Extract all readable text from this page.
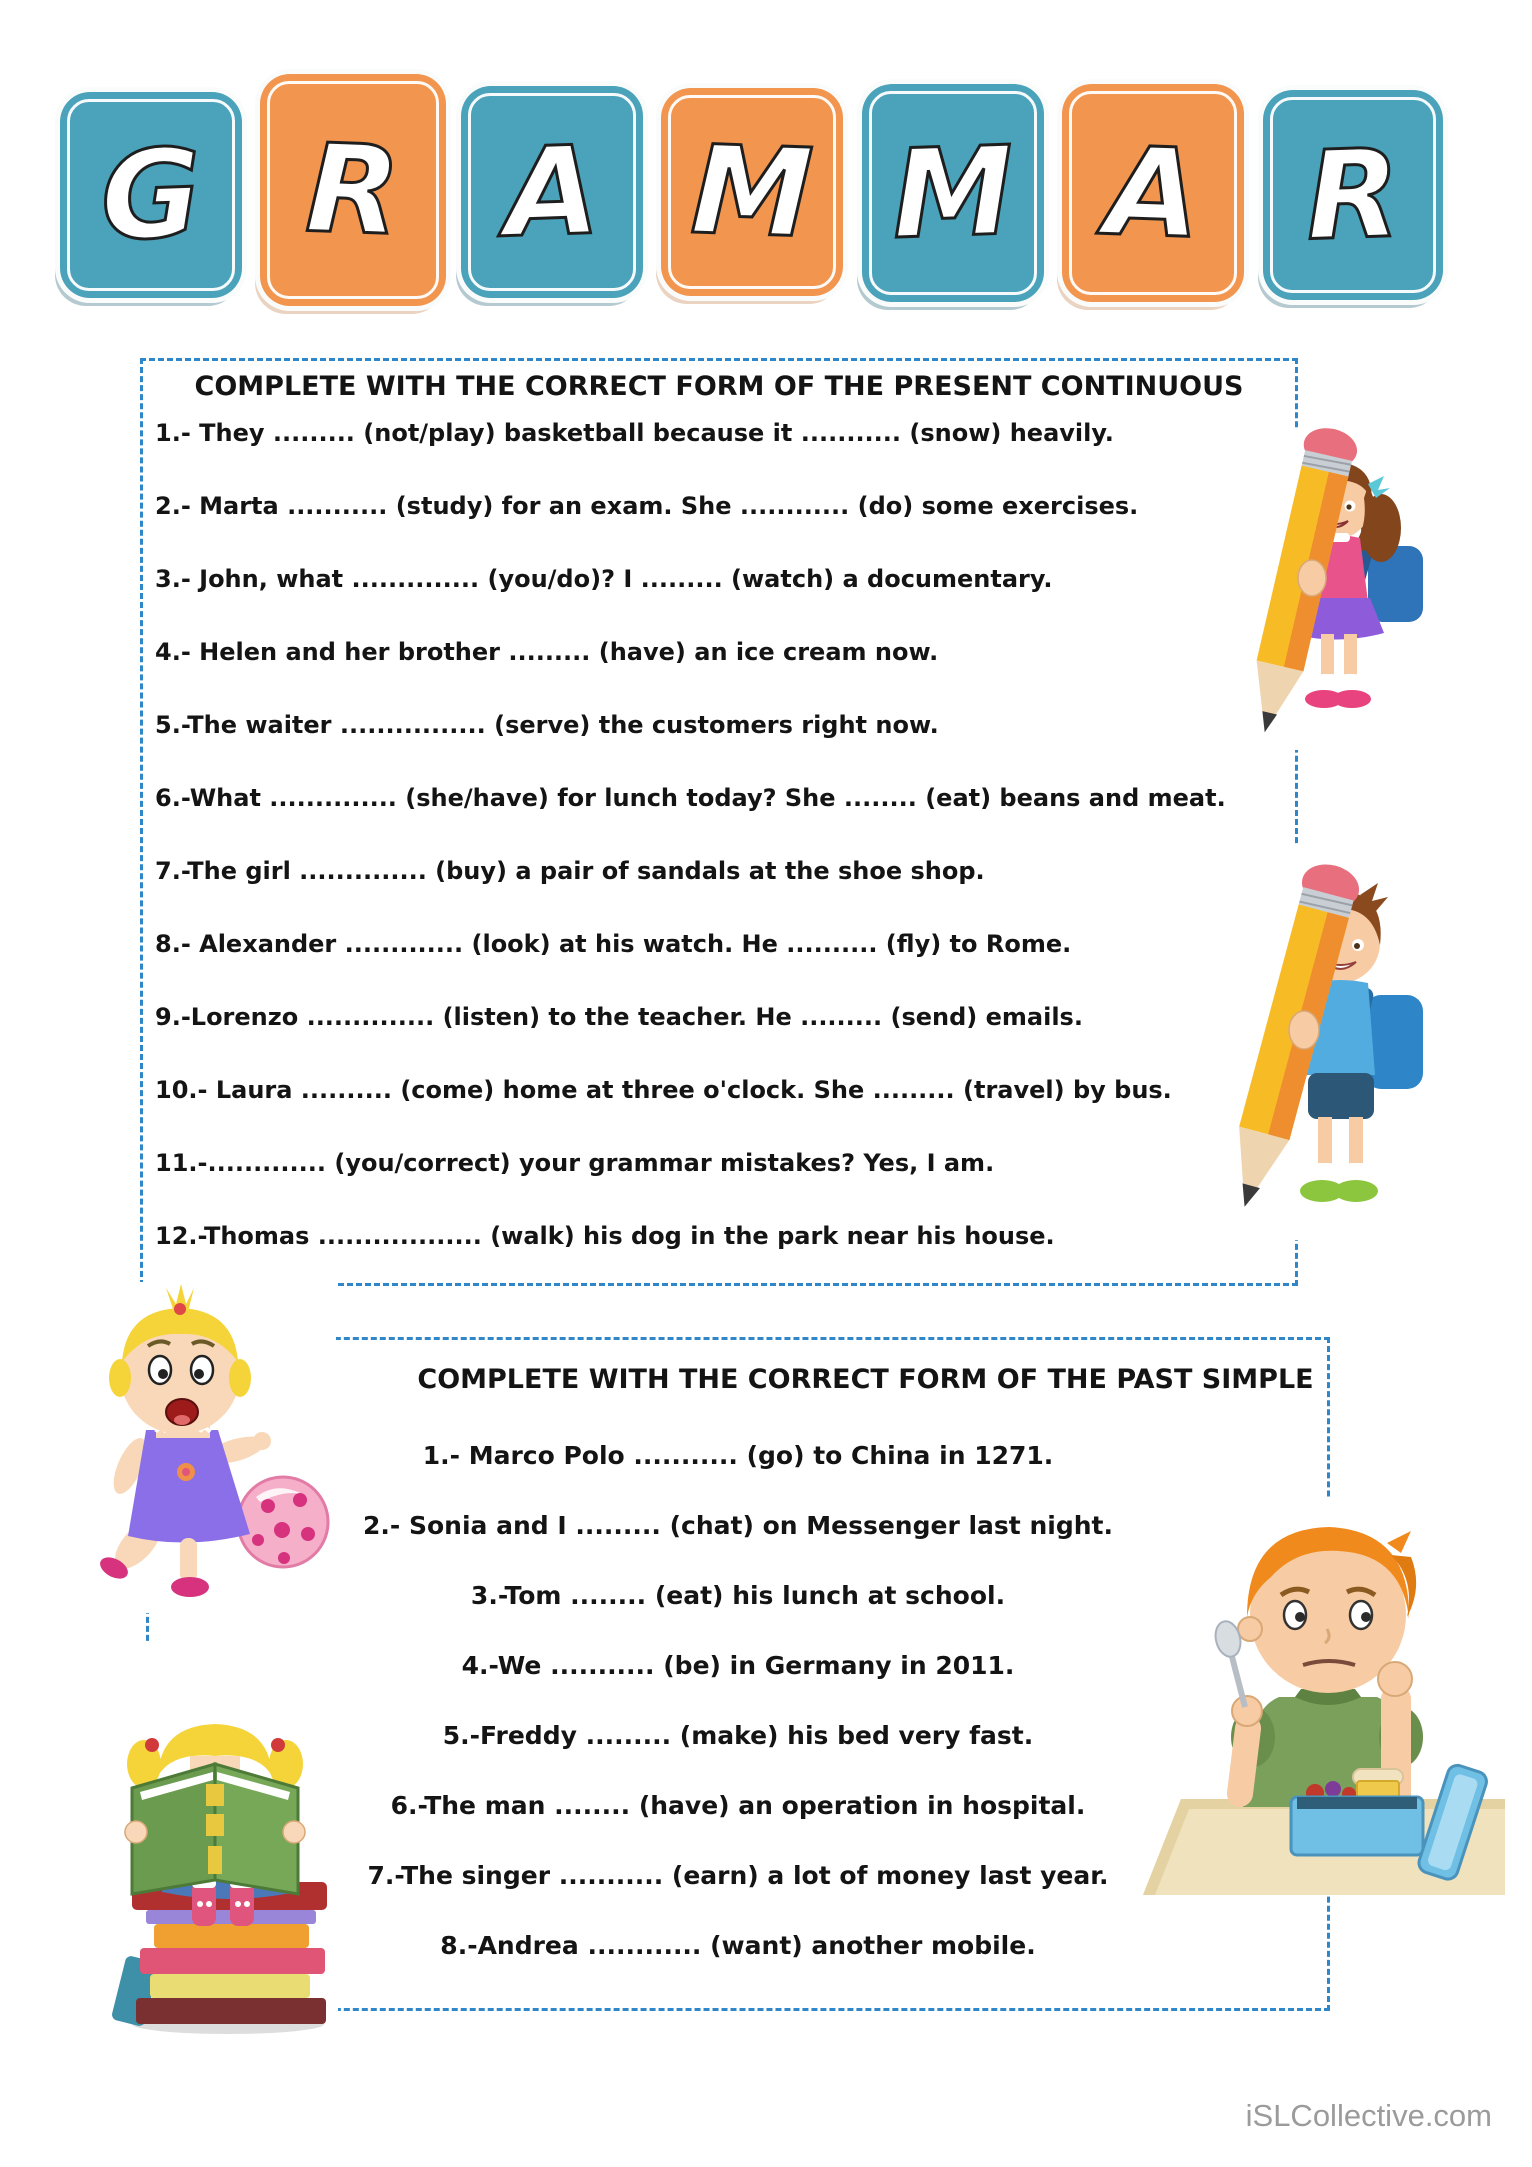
G R A M M A R
COMPLETE WITH THE CORRECT FORM OF THE PRESENT CONTINUOUS
1.- They ......... (not/play) basketball because it ........... (snow) heavily.
2.- Marta ........... (study) for an exam. She ............ (do) some exercises.
3.- John, what .............. (you/do)? I ......... (watch) a documentary.
4.- Helen and her brother ......... (have) an ice cream now.
5.-The waiter ................ (serve) the customers right now.
6.-What .............. (she/have) for lunch today? She ........ (eat) beans and meat.
7.-The girl .............. (buy) a pair of sandals at the shoe shop.
8.- Alexander ............. (look) at his watch. He .......... (fly) to Rome.
9.-Lorenzo .............. (listen) to the teacher. He ......... (send) emails.
10.- Laura .......... (come) home at three o'clock. She ......... (travel) by bus.
11.-............. (you/correct) your grammar mistakes? Yes, I am.
12.-Thomas .................. (walk) his dog in the park near his house.
COMPLETE WITH THE CORRECT FORM OF THE PAST SIMPLE
1.- Marco Polo ........... (go) to China in 1271.
2.- Sonia and I ......... (chat) on Messenger last night.
3.-Tom ........ (eat) his lunch at school.
4.-We ........... (be) in Germany in 2011.
5.-Freddy ......... (make) his bed very fast.
6.-The man ........ (have) an operation in hospital.
7.-The singer ........... (earn) a lot of money last year.
8.-Andrea ............ (want) another mobile.
iSLCollective.com
